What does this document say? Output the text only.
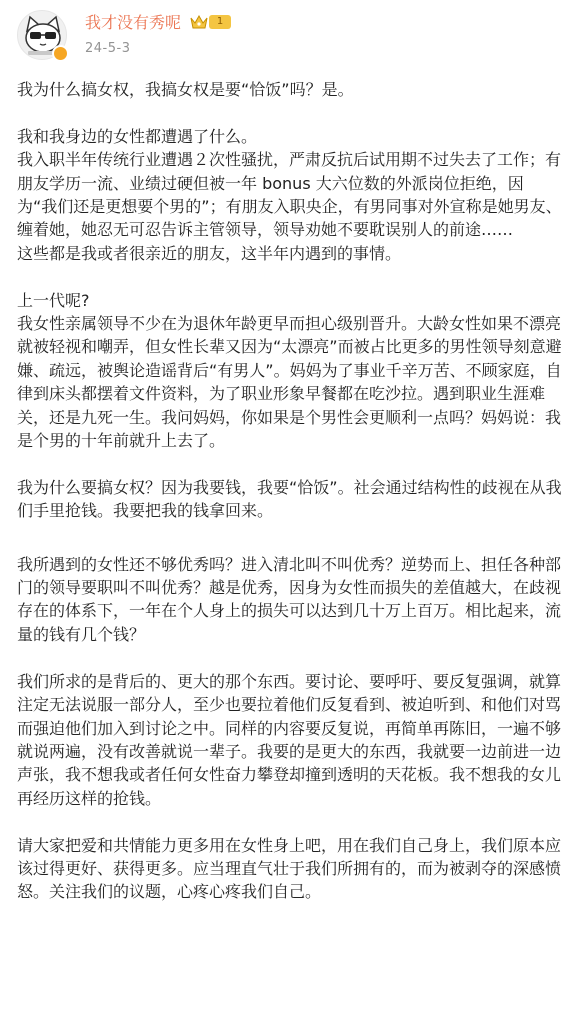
我才没有秀呢	1
24-5-3

我为什么搞女权，我搞女权是要“恰饭”吗？是。

我和我身边的女性都遭遇了什么。

我入职半年传统行业遭遇２次性骚扰，严肃反抗后试用期不过失去了工作；有朋友学历一流、业绩过硬但被一年 bonus 大六位数的外派岗位拒绝，因为“我们还是更想要个男的”；有朋友入职央企，有男同事对外宣称是她男友、缠着她，她忍无可忍告诉主管领导，领导劝她不要耽误别人的前途……

这些都是我或者很亲近的朋友，这半年内遇到的事情。

上一代呢?

我女性亲属领导不少在为退休年龄更早而担心级别晋升。大龄女性如果不漂亮就被轻视和嘲弄，但女性长辈又因为“太漂亮”而被占比更多的男性领导刻意避嫌、疏远，被舆论造谣背后“有男人”。妈妈为了事业千辛万苦、不顾家庭，自律到床头都摆着文件资料，为了职业形象早餐都在吃沙拉。遇到职业生涯难关，还是九死一生。我问妈妈，你如果是个男性会更顺利一点吗？妈妈说：我是个男的十年前就升上去了。

我为什么要搞女权？因为我要钱，我要“恰饭”。社会通过结构性的歧视在从我们手里抢钱。我要把我的钱拿回来。

我所遇到的女性还不够优秀吗？进入清北叫不叫优秀？逆势而上、担任各种部门的领导要职叫不叫优秀？越是优秀，因身为女性而损失的差值越大，在歧视存在的体系下，一年在个人身上的损失可以达到几十万上百万。相比起来，流量的钱有几个钱？

我们所求的是背后的、更大的那个东西。要讨论、要呼吁、要反复强调，就算注定无法说服一部分人，至少也要拉着他们反复看到、被迫听到、和他们对骂而强迫他们加入到讨论之中。同样的内容要反复说，再简单再陈旧，一遍不够就说两遍，没有改善就说一辈子。我要的是更大的东西，我就要一边前进一边声张，我不想我或者任何女性奋力攀登却撞到透明的天花板。我不想我的女儿再经历这样的抢钱。

请大家把爱和共情能力更多用在女性身上吧，用在我们自己身上，我们原本应该过得更好、获得更多。应当理直气壮于我们所拥有的，而为被剥夺的深感愤怒。关注我们的议题，心疼心疼我们自己。
